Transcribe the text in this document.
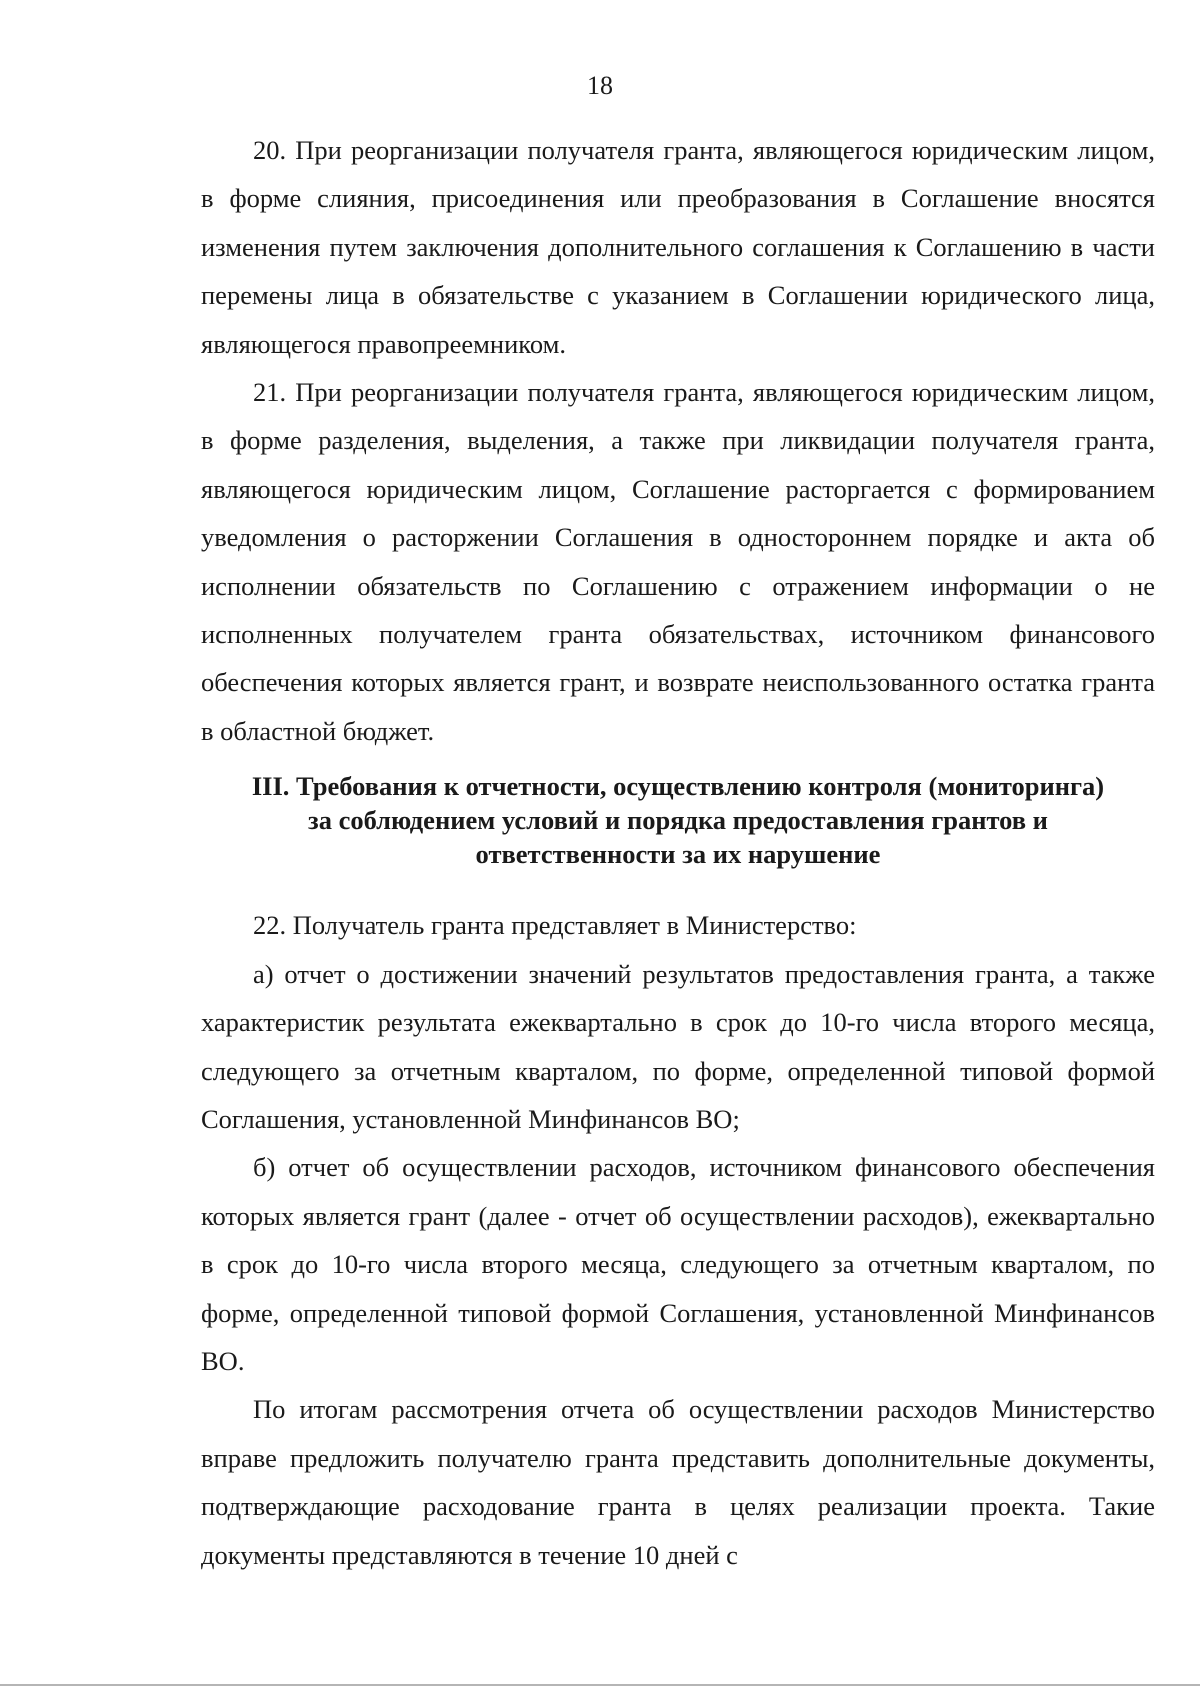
18

20. При реорганизации получателя гранта, являющегося юридическим лицом, в форме слияния, присоединения или преобразования в Соглашение вносятся изменения путем заключения дополнительного соглашения к Соглашению в части перемены лица в обязательстве с указанием в Соглашении юридического лица, являющегося правопреемником.

21. При реорганизации получателя гранта, являющегося юридическим лицом, в форме разделения, выделения, а также при ликвидации получателя гранта, являющегося юридическим лицом, Соглашение расторгается с формированием уведомления о расторжении Соглашения в одностороннем порядке и акта об исполнении обязательств по Соглашению с отражением информации о не исполненных получателем гранта обязательствах, источником финансового обеспечения которых является грант, и возврате неиспользованного остатка гранта в областной бюджет.

III. Требования к отчетности, осуществлению контроля (мониторинга)
за соблюдением условий и порядка предоставления грантов и
ответственности за их нарушение

22. Получатель гранта представляет в Министерство:

а) отчет о достижении значений результатов предоставления гранта, а также характеристик результата ежеквартально в срок до 10-го числа второго месяца, следующего за отчетным кварталом, по форме, определенной типовой формой Соглашения, установленной Минфинансов ВО;

б) отчет об осуществлении расходов, источником финансового обеспечения которых является грант (далее - отчет об осуществлении расходов), ежеквартально в срок до 10-го числа второго месяца, следующего за отчетным кварталом, по форме, определенной типовой формой Соглашения, установленной Минфинансов ВО.

По итогам рассмотрения отчета об осуществлении расходов Министерство вправе предложить получателю гранта представить дополнительные документы, подтверждающие расходование гранта в целях реализации проекта. Такие документы представляются в течение 10 дней с
